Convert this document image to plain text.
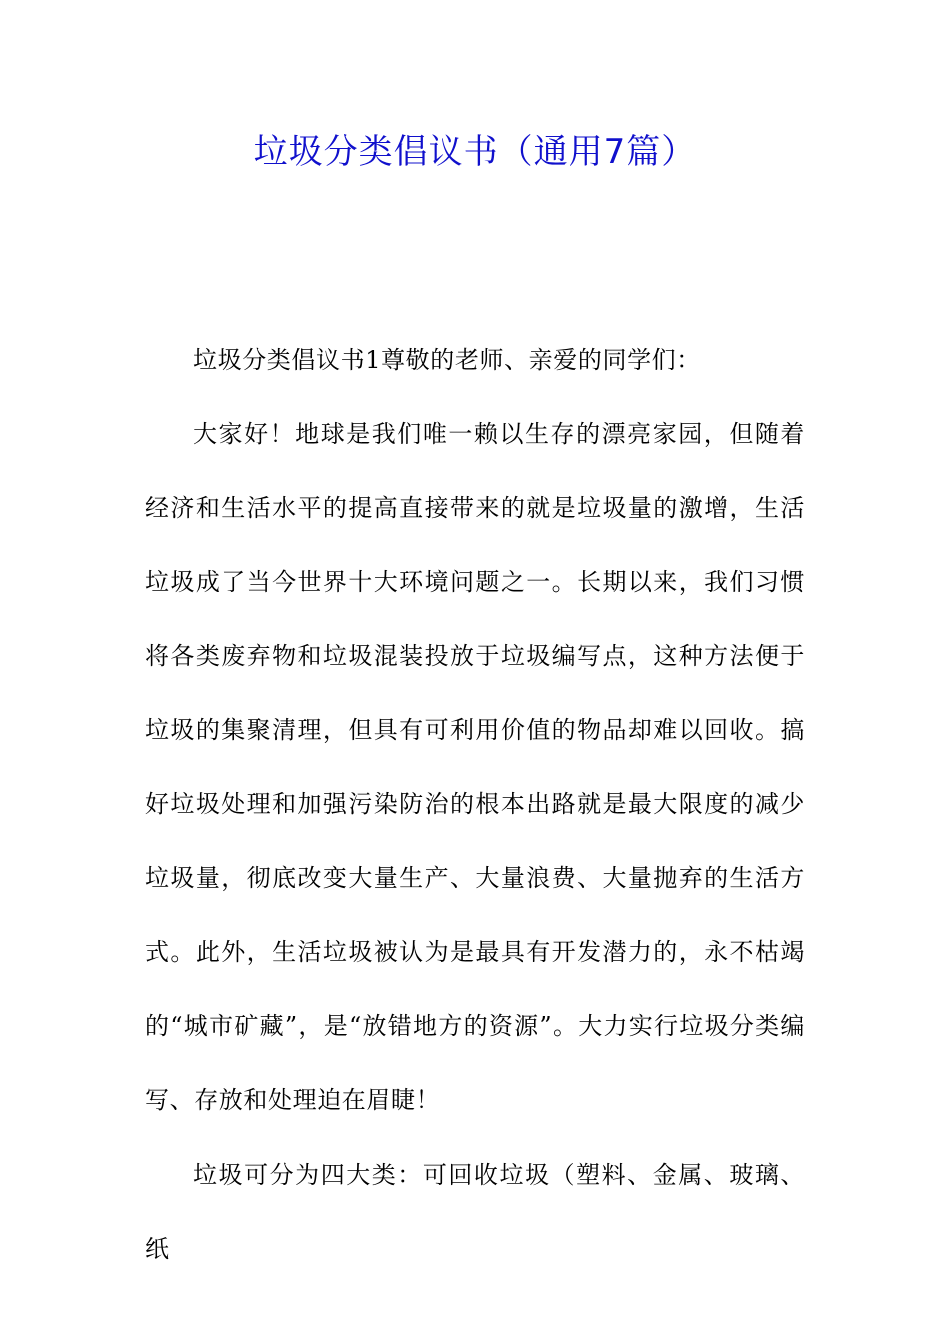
垃圾分类倡议书（通用7篇）

垃圾分类倡议书1尊敬的老师、亲爱的同学们：

大家好！地球是我们唯一赖以生存的漂亮家园，但随着经济和生活水平的提高直接带来的就是垃圾量的激增，生活垃圾成了当今世界十大环境问题之一。长期以来，我们习惯将各类废弃物和垃圾混装投放于垃圾编写点，这种方法便于垃圾的集聚清理，但具有可利用价值的物品却难以回收。搞好垃圾处理和加强污染防治的根本出路就是最大限度的减少垃圾量，彻底改变大量生产、大量浪费、大量抛弃的生活方式。此外，生活垃圾被认为是最具有开发潜力的，永不枯竭的“城市矿藏”，是“放错地方的资源”。大力实行垃圾分类编写、存放和处理迫在眉睫！

垃圾可分为四大类：可回收垃圾（塑料、金属、玻璃、纸
